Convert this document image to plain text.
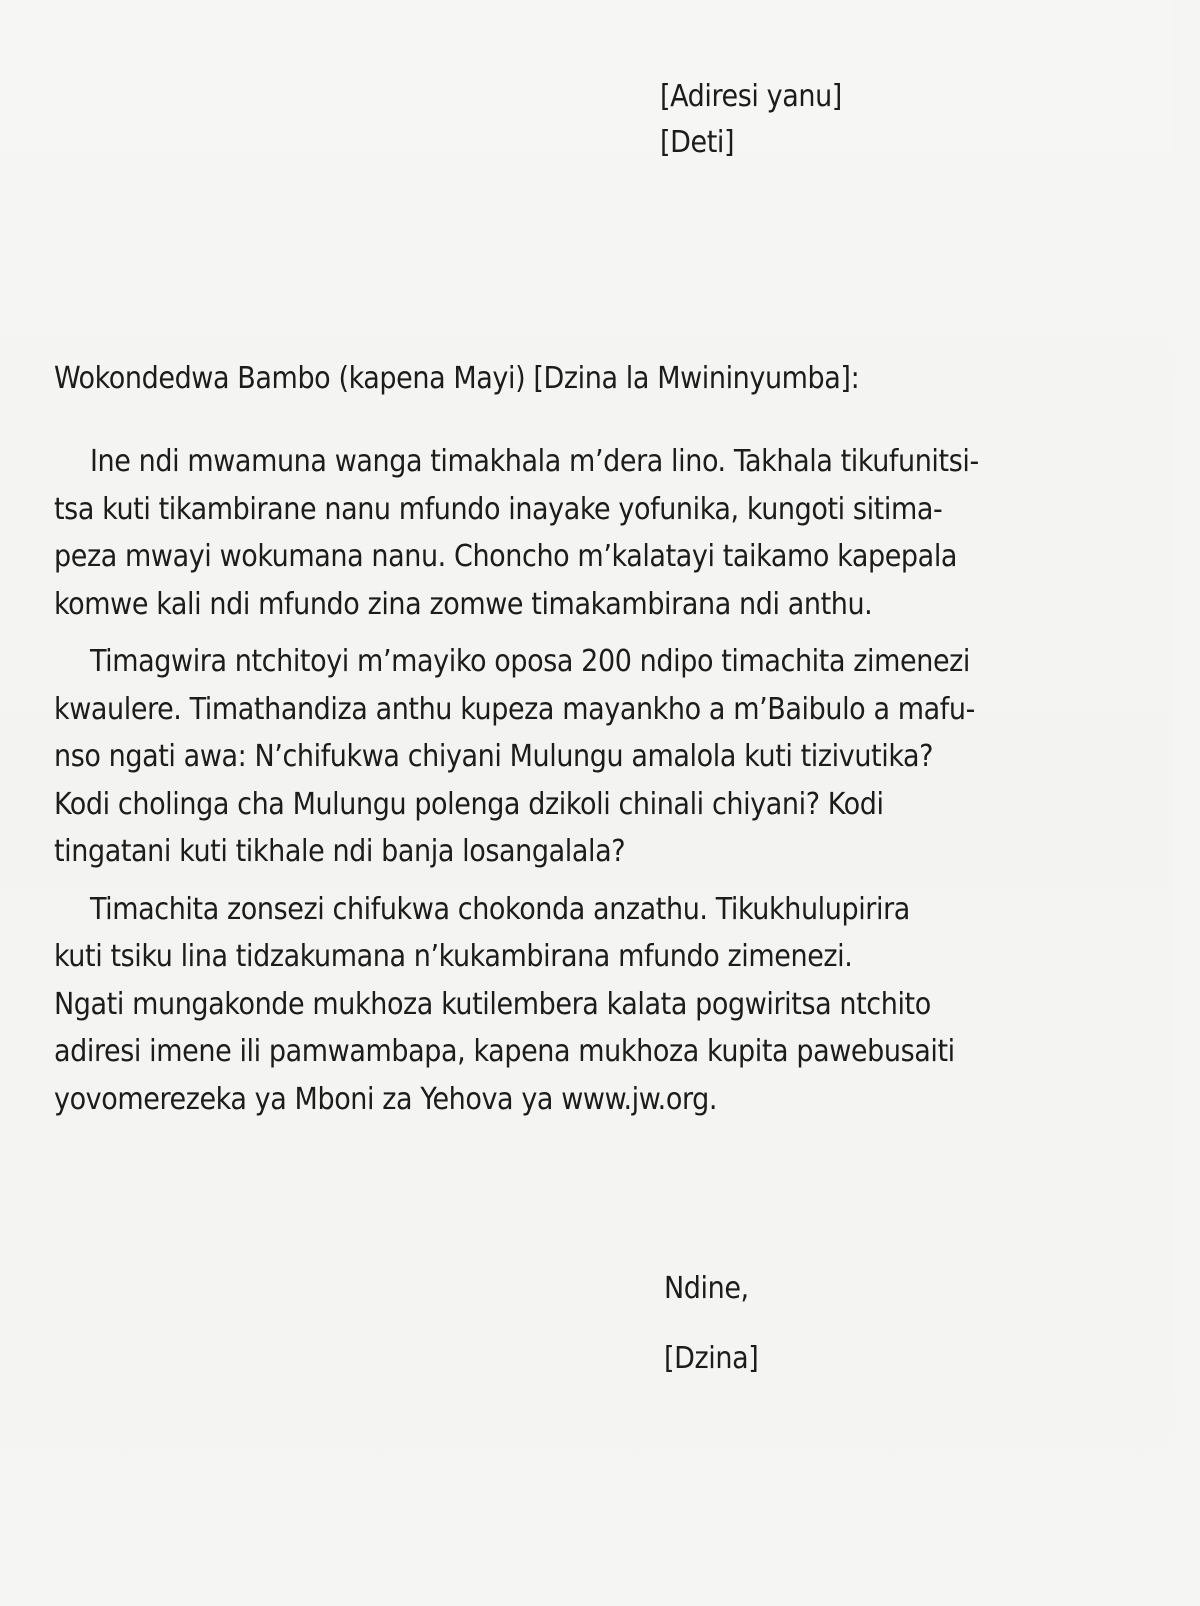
[Adiresi yanu]
[Deti]
Wokondedwa Bambo (kapena Mayi) [Dzina la Mwininyumba]:
Ine ndi mwamuna wanga timakhala m’dera lino. Takhala tikufunitsi-
tsa kuti tikambirane nanu mfundo inayake yofunika, kungoti sitima-
peza mwayi wokumana nanu. Choncho m’kalatayi taikamo kapepala
komwe kali ndi mfundo zina zomwe timakambirana ndi anthu.
Timagwira ntchitoyi m’mayiko oposa 200 ndipo timachita zimenezi
kwaulere. Timathandiza anthu kupeza mayankho a m’Baibulo a mafu-
nso ngati awa: N’chifukwa chiyani Mulungu amalola kuti tizivutika?
Kodi cholinga cha Mulungu polenga dzikoli chinali chiyani? Kodi
tingatani kuti tikhale ndi banja losangalala?
Timachita zonsezi chifukwa chokonda anzathu. Tikukhulupirira
kuti tsiku lina tidzakumana n’kukambirana mfundo zimenezi.
Ngati mungakonde mukhoza kutilembera kalata pogwiritsa ntchito
adiresi imene ili pamwambapa, kapena mukhoza kupita pawebusaiti
yovomerezeka ya Mboni za Yehova ya www.jw.org.
Ndine,
[Dzina]
